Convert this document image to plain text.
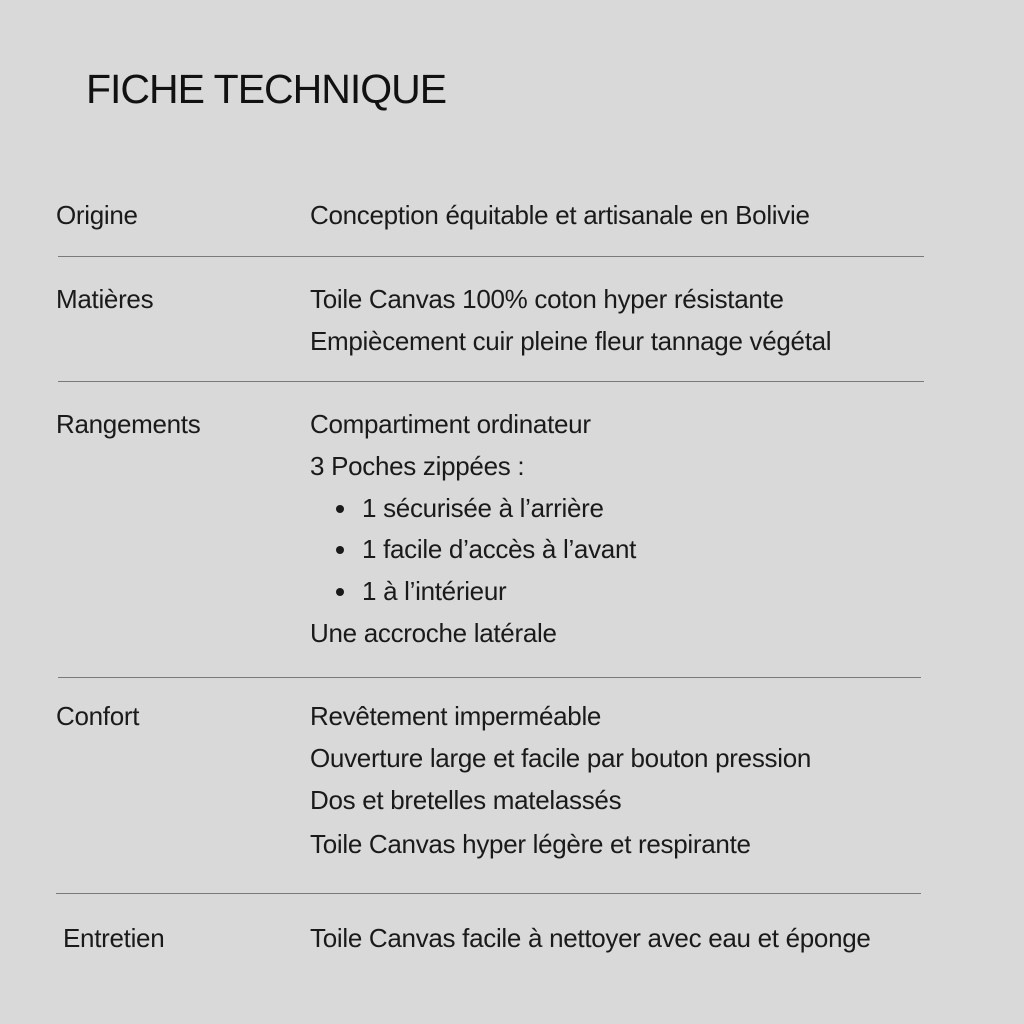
FICHE TECHNIQUE

Origine	Conception équitable et artisanale en Bolivie

Matières	Toile Canvas 100% coton hyper résistante

Empiècement cuir pleine fleur tannage végétal

Rangements	Compartiment ordinateur

3 Poches zippées :

1 sécurisée à l’arrière

1 facile d’accès à l’avant

1 à l’intérieur

Une accroche latérale

Confort	Revêtement imperméable

Ouverture large et facile par bouton pression

Dos et bretelles matelassés

Toile Canvas hyper légère et respirante

Entretien	Toile Canvas facile à nettoyer avec eau et éponge
